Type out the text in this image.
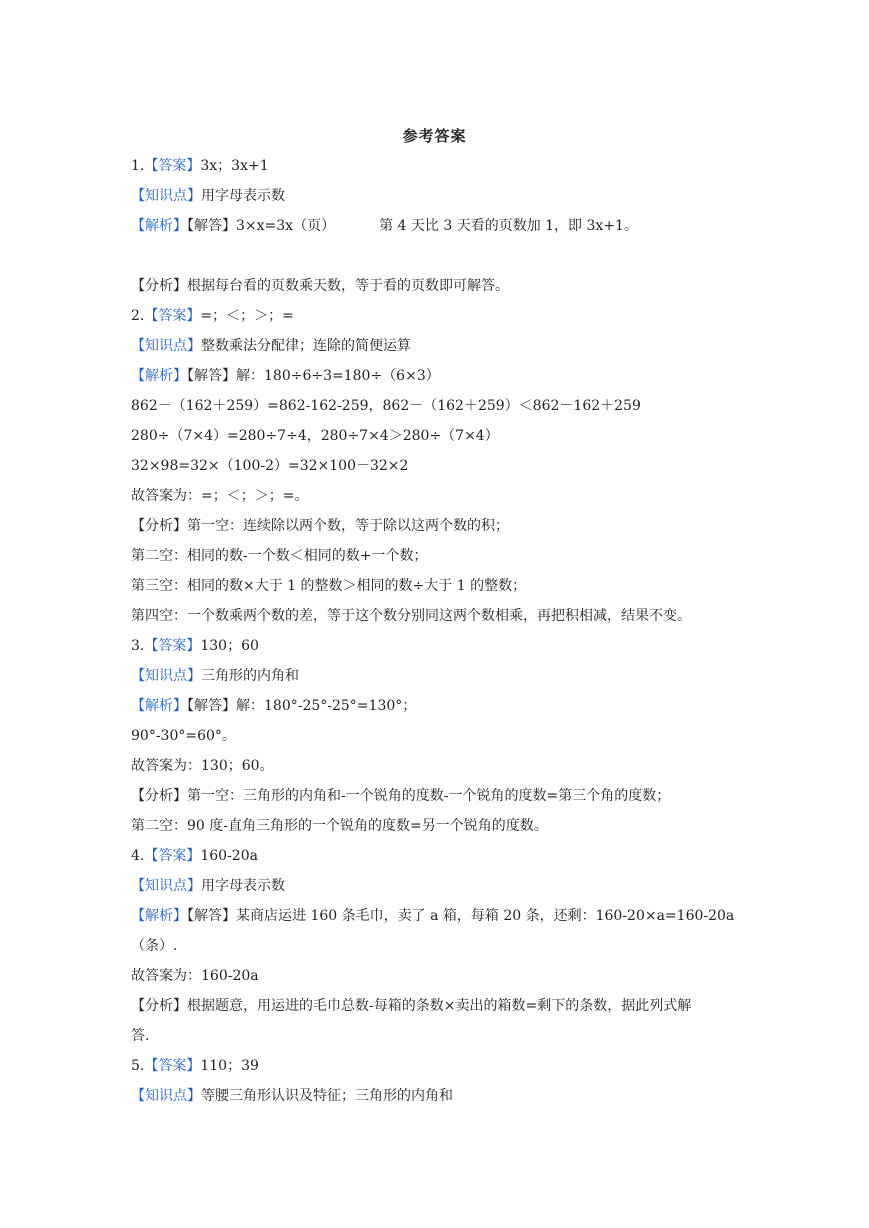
参考答案
1.【答案】3x；3x+1
【知识点】用字母表示数
【解析】【解答】3×x=3x（页）	第 4 天比 3 天看的页数加 1，即 3x+1。
【分析】根据每台看的页数乘天数，等于看的页数即可解答。
2.【答案】=；＜；＞；=
【知识点】整数乘法分配律；连除的简便运算
【解析】【解答】解：180÷6÷3=180÷（6×3）
862－（162＋259）=862-162-259，862－（162＋259）＜862－162＋259
280÷（7×4）=280÷7÷4，280÷7×4＞280÷（7×4）
32×98=32×（100-2）=32×100－32×2
故答案为：=；＜；＞；=。
【分析】第一空：连续除以两个数，等于除以这两个数的积；
第二空：相同的数-一个数＜相同的数+一个数；
第三空：相同的数×大于 1 的整数＞相同的数÷大于 1 的整数；
第四空：一个数乘两个数的差，等于这个数分别同这两个数相乘，再把积相减，结果不变。
3.【答案】130；60
【知识点】三角形的内角和
【解析】【解答】解：180°-25°-25°=130°；
90°-30°=60°。
故答案为：130；60。
【分析】第一空：三角形的内角和-一个锐角的度数-一个锐角的度数=第三个角的度数；
第二空：90 度-直角三角形的一个锐角的度数=另一个锐角的度数。
4.【答案】160-20a
【知识点】用字母表示数
【解析】【解答】某商店运进 160 条毛巾，卖了 a 箱，每箱 20 条，还剩：160-20×a=160-20a
（条）.
故答案为：160-20a
【分析】根据题意，用运进的毛巾总数-每箱的条数×卖出的箱数=剩下的条数，据此列式解
答.
5.【答案】110；39
【知识点】等腰三角形认识及特征；三角形的内角和
